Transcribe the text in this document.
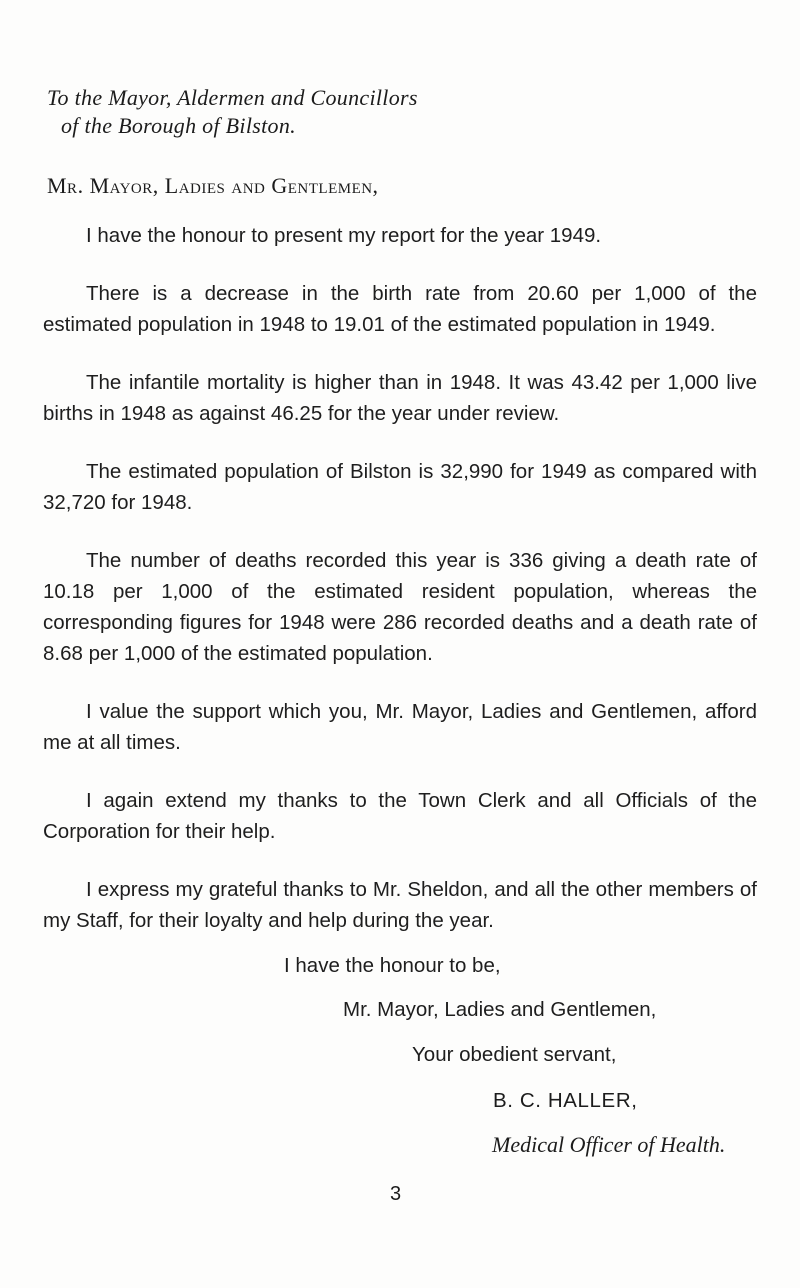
To the Mayor, Aldermen and Councillors
of the Borough of Bilston.
Mr. Mayor, Ladies and Gentlemen,

I have the honour to present my report for the year 1949.

There is a decrease in the birth rate from 20.60 per 1,000 of the estimated population in 1948 to 19.01 of the estimated population in 1949.

The infantile mortality is higher than in 1948. It was 43.42 per 1,000 live births in 1948 as against 46.25 for the year under review.

The estimated population of Bilston is 32,990 for 1949 as compared with 32,720 for 1948.

The number of deaths recorded this year is 336 giving a death rate of 10.18 per 1,000 of the estimated resident population, whereas the corresponding figures for 1948 were 286 recorded deaths and a death rate of 8.68 per 1,000 of the estimated population.

I value the support which you, Mr. Mayor, Ladies and Gentlemen, afford me at all times.

I again extend my thanks to the Town Clerk and all Officials of the Corporation for their help.

I express my grateful thanks to Mr. Sheldon, and all the other members of my Staff, for their loyalty and help during the year.

I have the honour to be,
Mr. Mayor, Ladies and Gentlemen,
Your obedient servant,
B. C. HALLER,
Medical Officer of Health.
3
